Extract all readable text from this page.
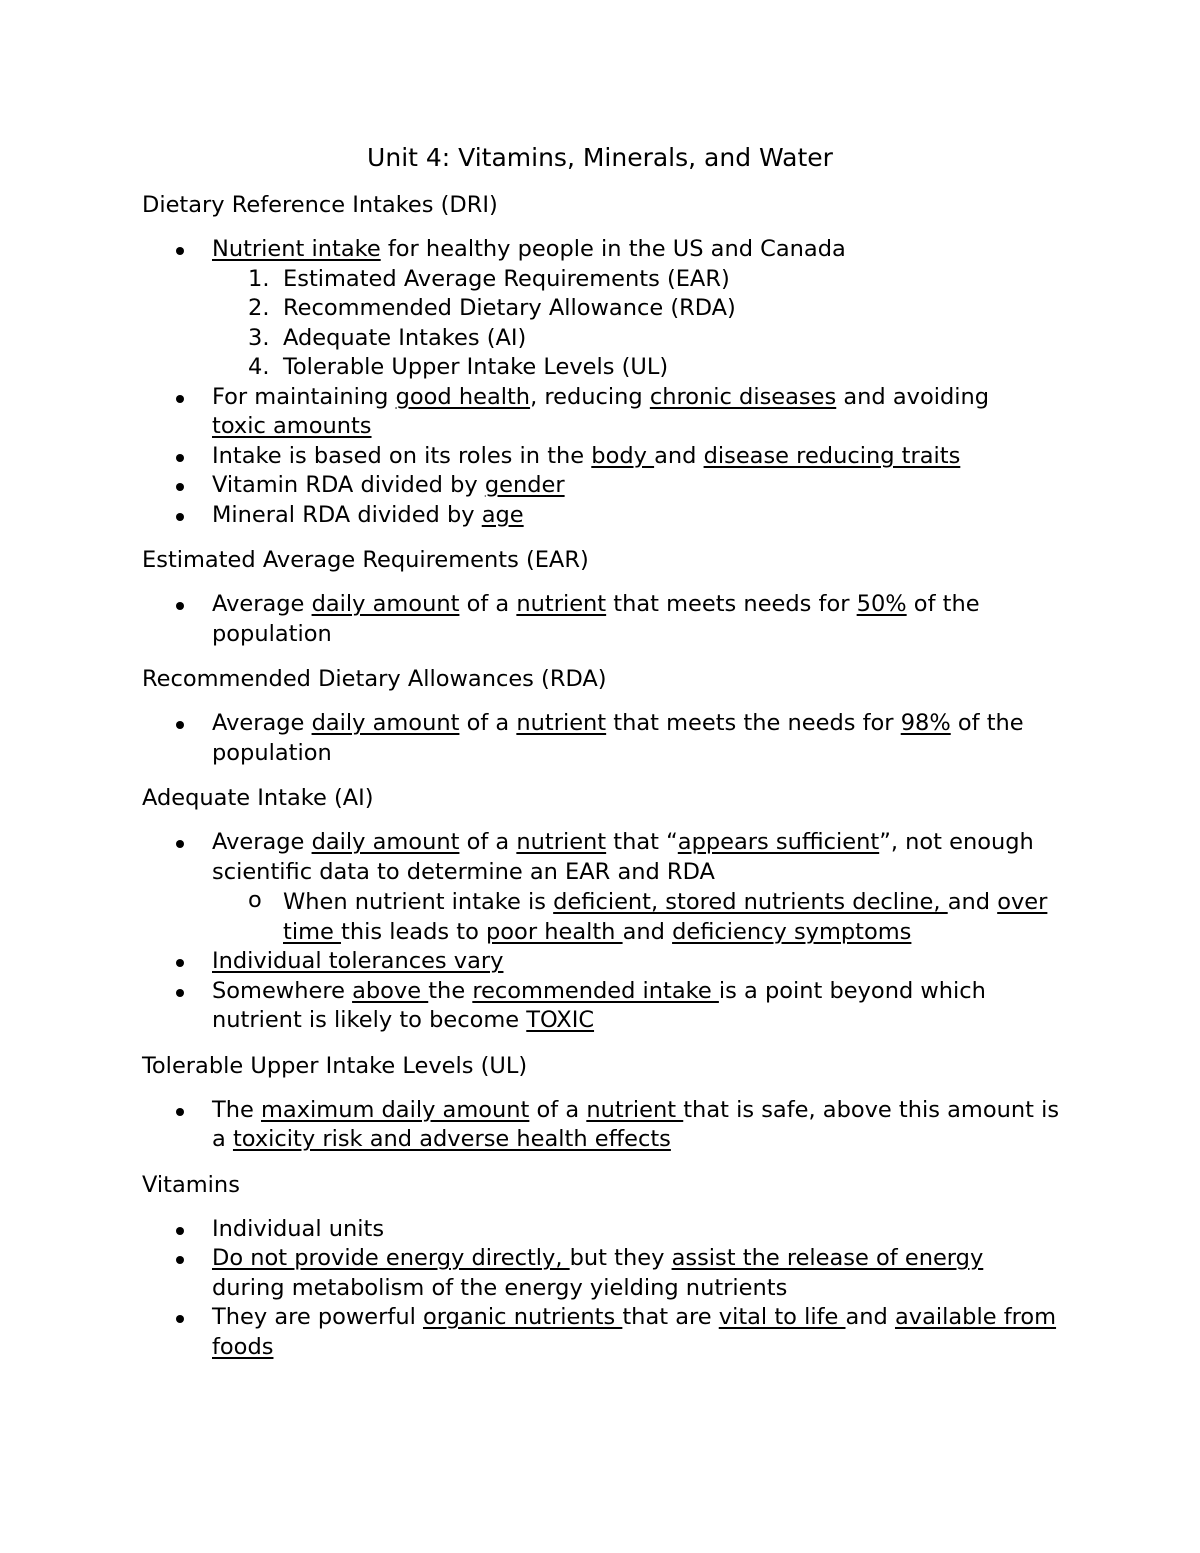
Unit 4: Vitamins, Minerals, and Water
Dietary Reference Intakes (DRI)
Nutrient intake for healthy people in the US and Canada
1. Estimated Average Requirements (EAR)
2. Recommended Dietary Allowance (RDA)
3. Adequate Intakes (AI)
4. Tolerable Upper Intake Levels (UL)
For maintaining good health, reducing chronic diseases and avoiding
toxic amounts
Intake is based on its roles in the body and disease reducing traits
Vitamin RDA divided by gender
Mineral RDA divided by age
Estimated Average Requirements (EAR)
Average daily amount of a nutrient that meets needs for 50% of the population
Recommended Dietary Allowances (RDA)
Average daily amount of a nutrient that meets the needs for 98% of the population
Adequate Intake (AI)
Average daily amount of a nutrient that “appears sufficient”, not enough scientific data to determine an EAR and RDA
o When nutrient intake is deficient, stored nutrients decline, and over time this leads to poor health and deficiency symptoms
Individual tolerances vary
Somewhere above the recommended intake is a point beyond which nutrient is likely to become TOXIC
Tolerable Upper Intake Levels (UL)
The maximum daily amount of a nutrient that is safe, above this amount is a toxicity risk and adverse health effects
Vitamins
Individual units
Do not provide energy directly, but they assist the release of energy during metabolism of the energy yielding nutrients
They are powerful organic nutrients that are vital to life and available from foods
